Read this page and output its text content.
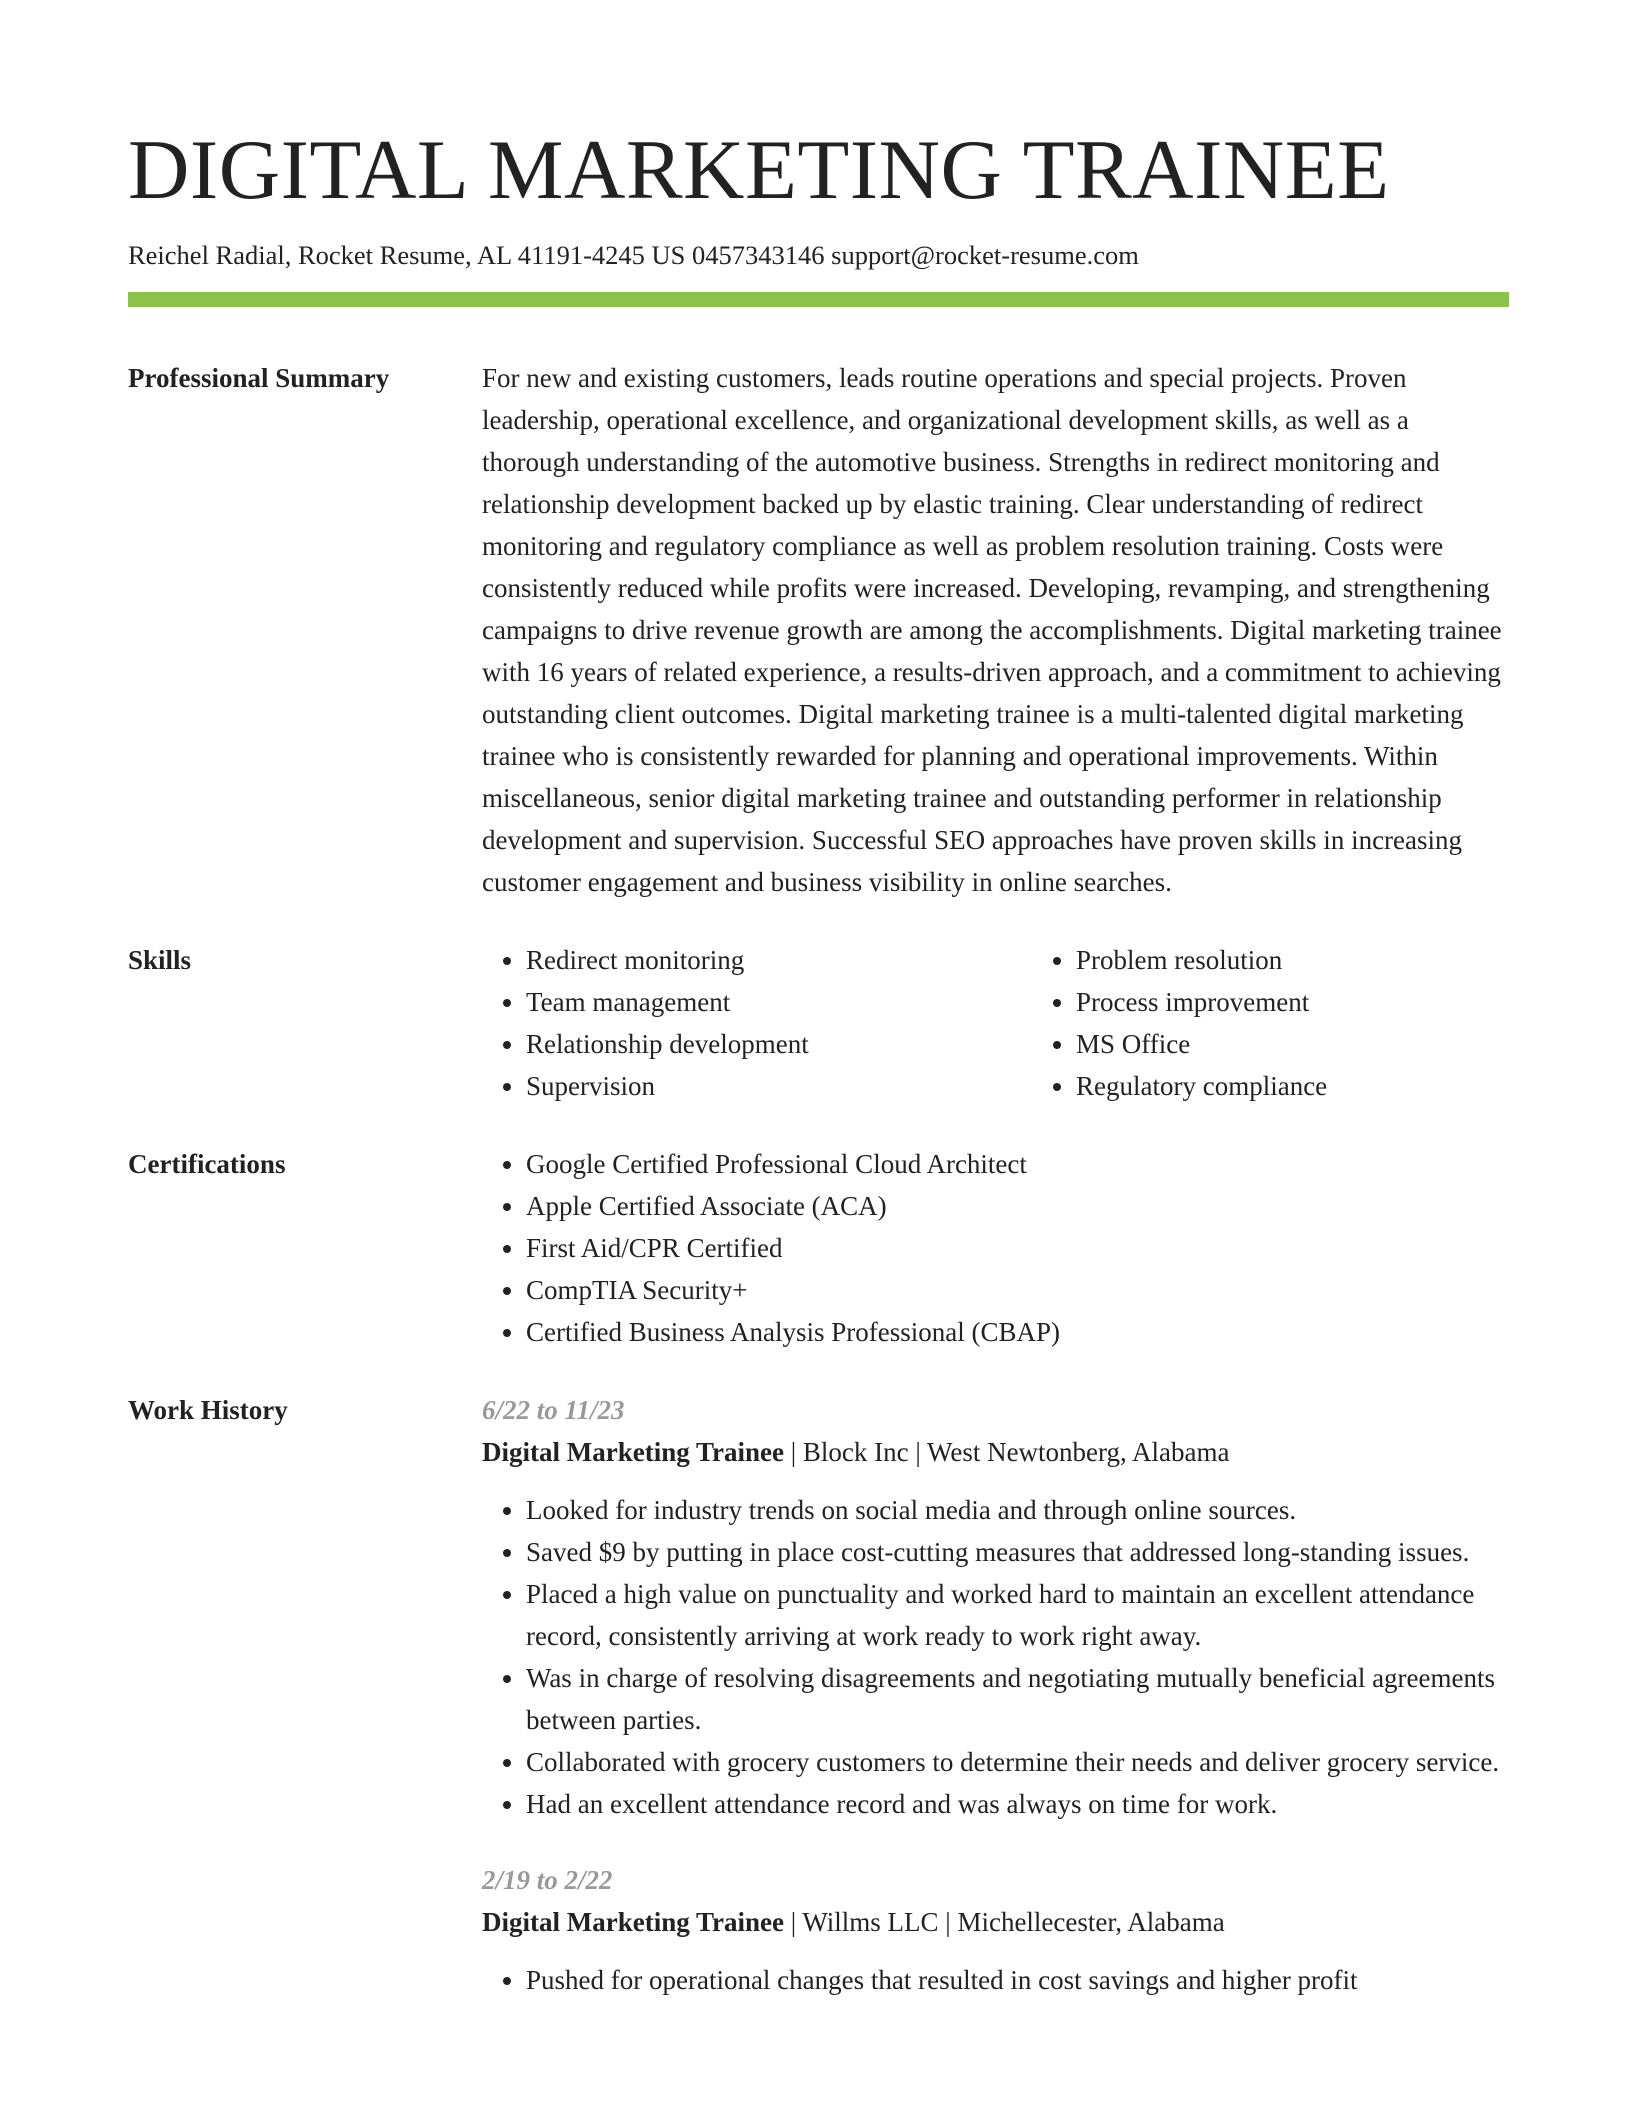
DIGITAL MARKETING TRAINEE
Reichel Radial, Rocket Resume, AL 41191-4245 US 0457343146 support@rocket-resume.com
Professional Summary	For new and existing customers, leads routine operations and special projects. Proven leadership, operational excellence, and organizational development skills, as well as a thorough understanding of the automotive business. Strengths in redirect monitoring and relationship development backed up by elastic training. Clear understanding of redirect monitoring and regulatory compliance as well as problem resolution training. Costs were consistently reduced while profits were increased. Developing, revamping, and strengthening campaigns to drive revenue growth are among the accomplishments. Digital marketing trainee with 16 years of related experience, a results-driven approach, and a commitment to achieving outstanding client outcomes. Digital marketing trainee is a multi-talented digital marketing trainee who is consistently rewarded for planning and operational improvements. Within miscellaneous, senior digital marketing trainee and outstanding performer in relationship development and supervision. Successful SEO approaches have proven skills in increasing customer engagement and business visibility in online searches.

Skills	• Redirect monitoring
• Team management
• Relationship development
• Supervision
• Problem resolution
• Process improvement
• MS Office
• Regulatory compliance
Certifications	• Google Certified Professional Cloud Architect
• Apple Certified Associate (ACA)
• First Aid/CPR Certified
• CompTIA Security+
• Certified Business Analysis Professional (CBAP)
Work History	6/22 to 11/23
Digital Marketing Trainee | Block Inc | West Newtonberg, Alabama
• Looked for industry trends on social media and through online sources.
• Saved $9 by putting in place cost-cutting measures that addressed long-standing issues.
• Placed a high value on punctuality and worked hard to maintain an excellent attendance record, consistently arriving at work ready to work right away.
• Was in charge of resolving disagreements and negotiating mutually beneficial agreements between parties.
• Collaborated with grocery customers to determine their needs and deliver grocery service.
• Had an excellent attendance record and was always on time for work.
2/19 to 2/22
Digital Marketing Trainee | Willms LLC | Michellecester, Alabama
• Pushed for operational changes that resulted in cost savings and higher profit
